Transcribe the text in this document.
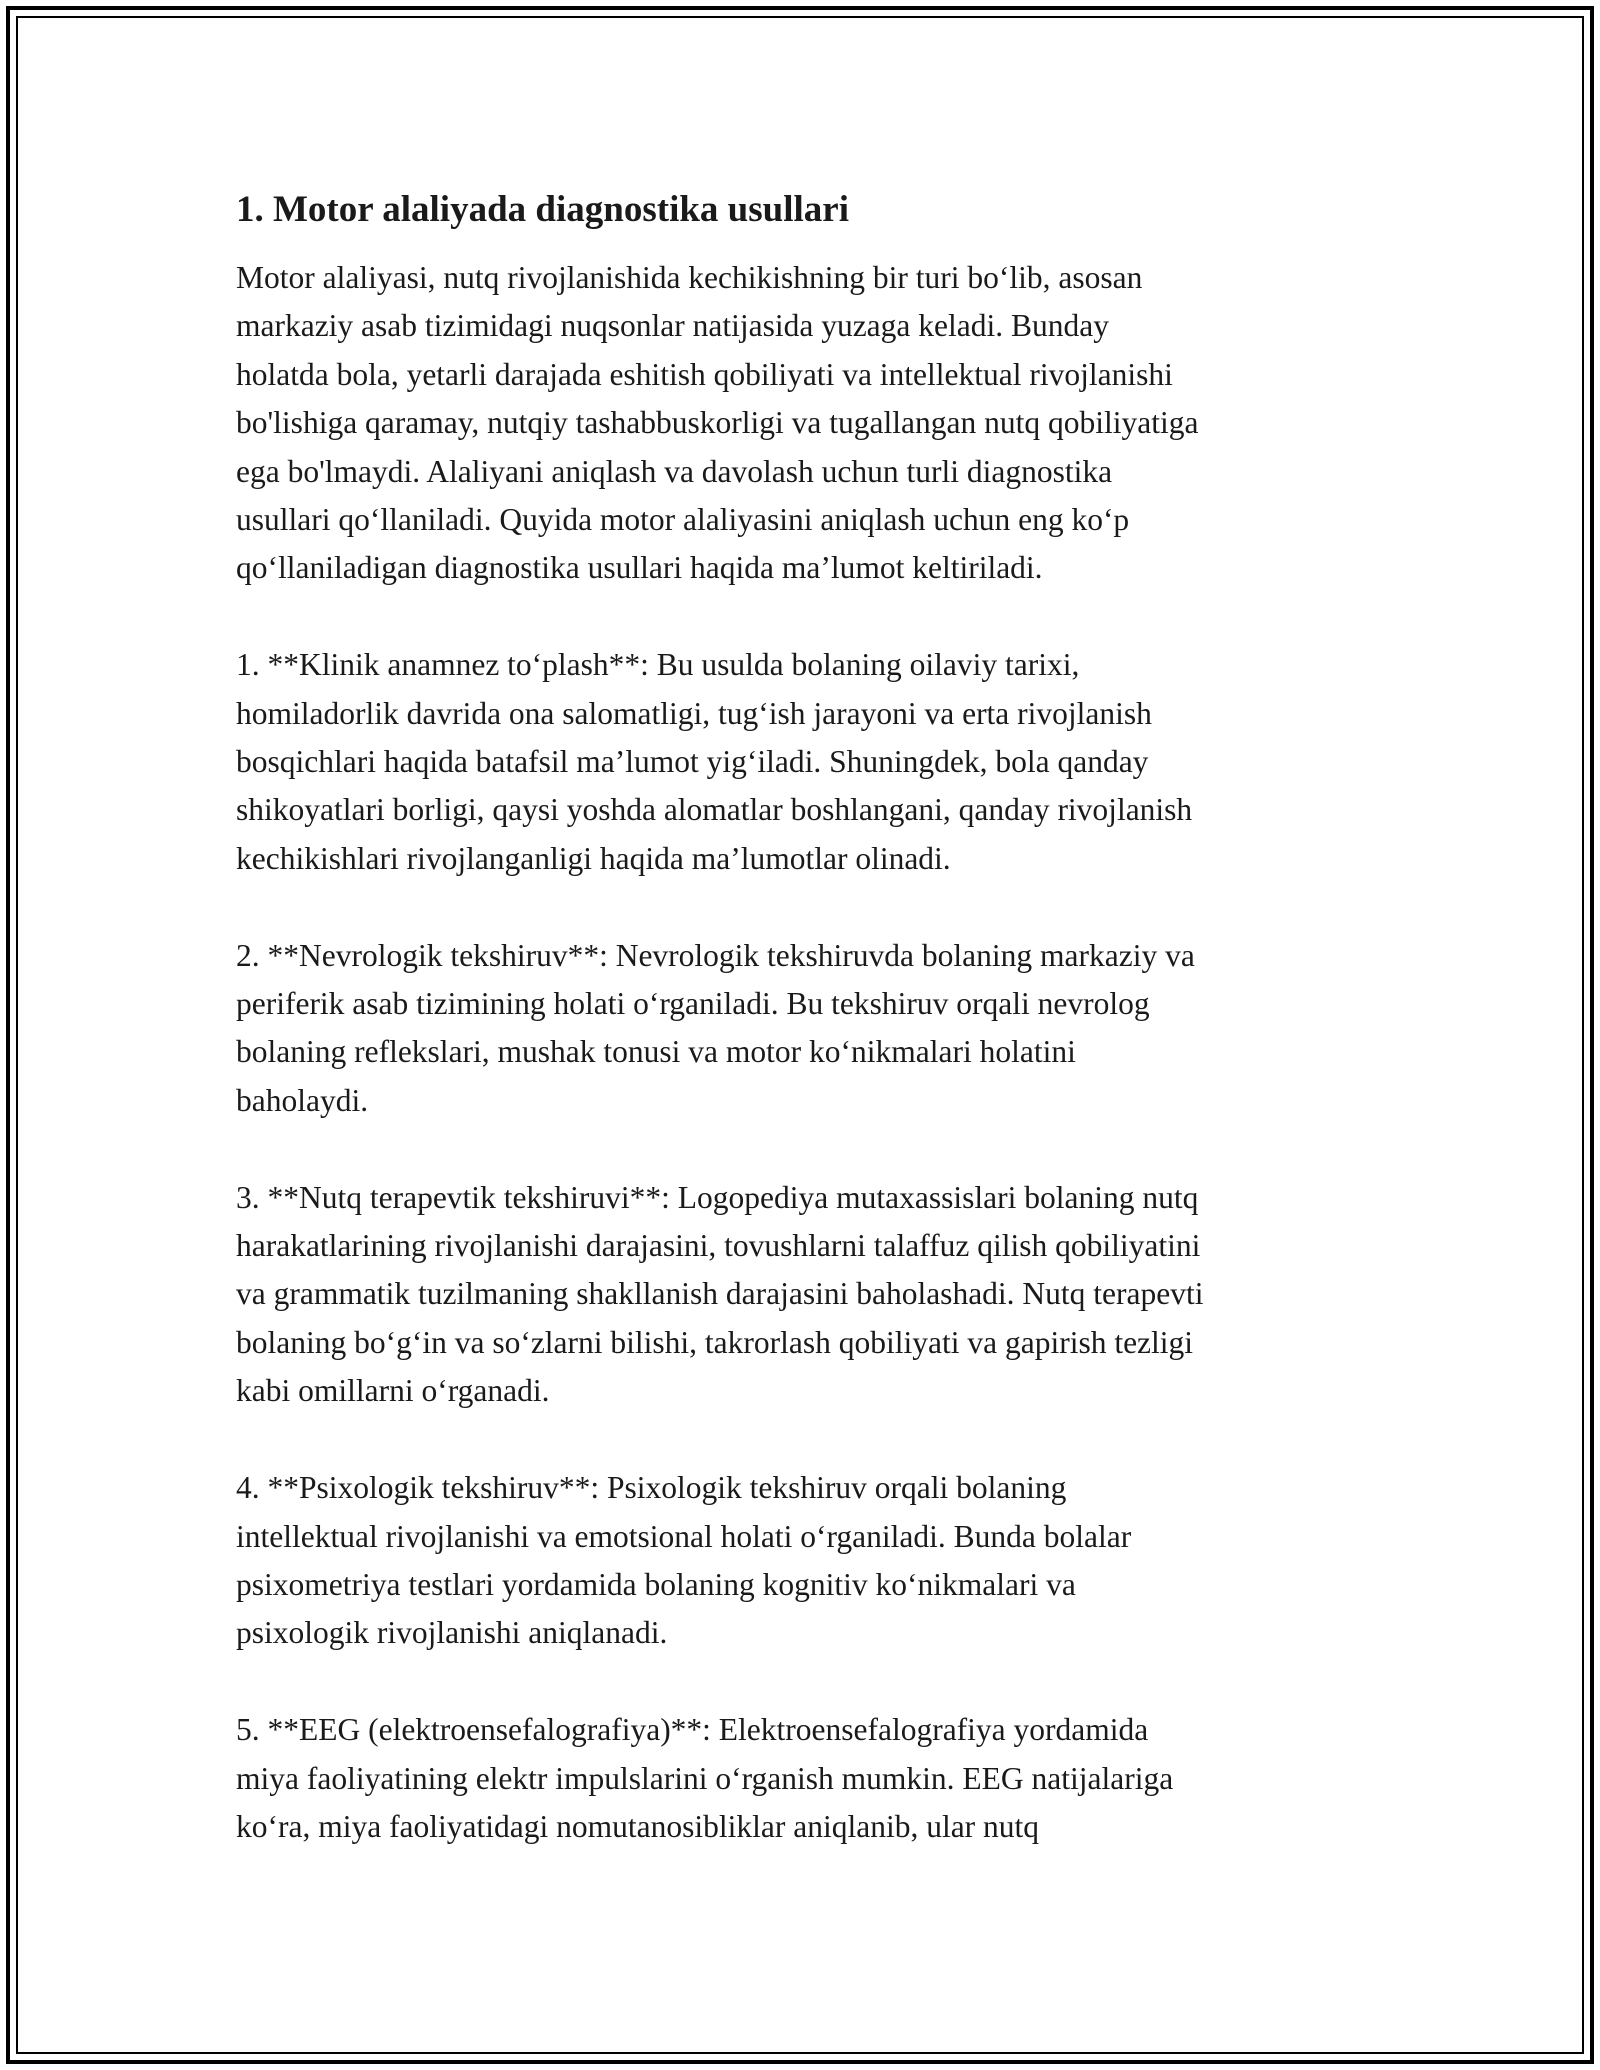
1. Motor alaliyada diagnostika usullari

Motor alaliyasi, nutq rivojlanishida kechikishning bir turi bo‘lib, asosan
markaziy asab tizimidagi nuqsonlar natijasida yuzaga keladi. Bunday
holatda bola, yetarli darajada eshitish qobiliyati va intellektual rivojlanishi
bo'lishiga qaramay, nutqiy tashabbuskorligi va tugallangan nutq qobiliyatiga
ega bo'lmaydi. Alaliyani aniqlash va davolash uchun turli diagnostika
usullari qo‘llaniladi. Quyida motor alaliyasini aniqlash uchun eng ko‘p
qo‘llaniladigan diagnostika usullari haqida ma’lumot keltiriladi.

1. **Klinik anamnez to‘plash**: Bu usulda bolaning oilaviy tarixi,
homiladorlik davrida ona salomatligi, tug‘ish jarayoni va erta rivojlanish
bosqichlari haqida batafsil ma’lumot yig‘iladi. Shuningdek, bola qanday
shikoyatlari borligi, qaysi yoshda alomatlar boshlangani, qanday rivojlanish
kechikishlari rivojlanganligi haqida ma’lumotlar olinadi.

2. **Nevrologik tekshiruv**: Nevrologik tekshiruvda bolaning markaziy va
periferik asab tizimining holati o‘rganiladi. Bu tekshiruv orqali nevrolog
bolaning reflekslari, mushak tonusi va motor ko‘nikmalari holatini
baholaydi.

3. **Nutq terapevtik tekshiruvi**: Logopediya mutaxassislari bolaning nutq
harakatlarining rivojlanishi darajasini, tovushlarni talaffuz qilish qobiliyatini
va grammatik tuzilmaning shakllanish darajasini baholashadi. Nutq terapevti
bolaning bo‘g‘in va so‘zlarni bilishi, takrorlash qobiliyati va gapirish tezligi
kabi omillarni o‘rganadi.

4. **Psixologik tekshiruv**: Psixologik tekshiruv orqali bolaning
intellektual rivojlanishi va emotsional holati o‘rganiladi. Bunda bolalar
psixometriya testlari yordamida bolaning kognitiv ko‘nikmalari va
psixologik rivojlanishi aniqlanadi.

5. **EEG (elektroensefalografiya)**: Elektroensefalografiya yordamida
miya faoliyatining elektr impulslarini o‘rganish mumkin. EEG natijalariga
ko‘ra, miya faoliyatidagi nomutanosibliklar aniqlanib, ular nutq
